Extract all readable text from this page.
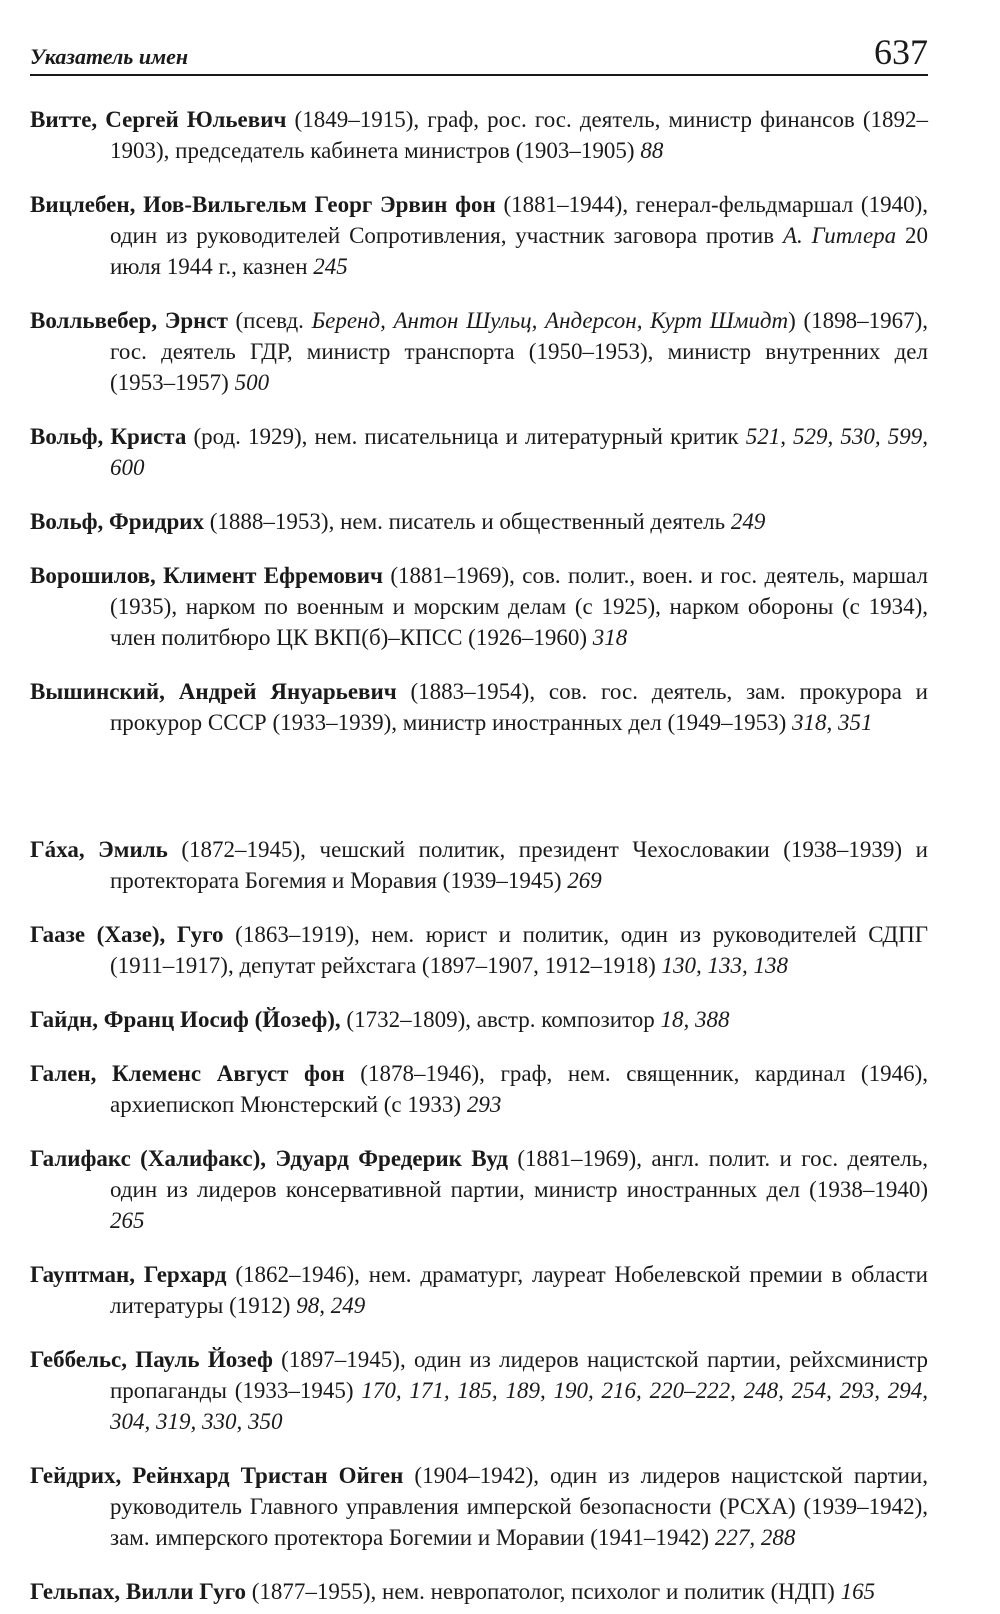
Указатель имен	637

Витте, Сергей Юльевич (1849–1915), граф, рос. гос. деятель, министр финансов (1892–1903), председатель кабинета министров (1903–1905) 88

Вицлебен, Иов-Вильгельм Георг Эрвин фон (1881–1944), генерал-фельдмаршал (1940), один из руководителей Сопротивления, участник заговора против А. Гитлера 20 июля 1944 г., казнен 245

Волльвебер, Эрнст (псевд. Беренд, Антон Шульц, Андерсон, Курт Шмидт) (1898–1967), гос. деятель ГДР, министр транспорта (1950–1953), министр внутренних дел (1953–1957) 500

Вольф, Криста (род. 1929), нем. писательница и литературный критик 521, 529, 530, 599, 600

Вольф, Фридрих (1888–1953), нем. писатель и общественный деятель 249

Ворошилов, Климент Ефремович (1881–1969), сов. полит., воен. и гос. деятель, маршал (1935), нарком по военным и морским делам (с 1925), нарком обороны (с 1934), член политбюро ЦК ВКП(б)–КПСС (1926–1960) 318

Вышинский, Андрей Януарьевич (1883–1954), сов. гос. деятель, зам. прокурора и прокурор СССР (1933–1939), министр иностранных дел (1949–1953) 318, 351

Гáха, Эмиль (1872–1945), чешский политик, президент Чехословакии (1938–1939) и протектората Богемия и Моравия (1939–1945) 269

Гаазе (Хазе), Гуго (1863–1919), нем. юрист и политик, один из руководителей СДПГ (1911–1917), депутат рейхстага (1897–1907, 1912–1918) 130, 133, 138

Гайдн, Франц Иосиф (Йозеф), (1732–1809), австр. композитор 18, 388

Гален, Клеменс Август фон (1878–1946), граф, нем. священник, кардинал (1946), архиепископ Мюнстерский (с 1933) 293

Галифакс (Халифакс), Эдуард Фредерик Вуд (1881–1969), англ. полит. и гос. деятель, один из лидеров консервативной партии, министр иностранных дел (1938–1940) 265

Гауптман, Герхард (1862–1946), нем. драматург, лауреат Нобелевской премии в области литературы (1912) 98, 249

Геббельс, Пауль Йозеф (1897–1945), один из лидеров нацистской партии, рейхсминистр пропаганды (1933–1945) 170, 171, 185, 189, 190, 216, 220–222, 248, 254, 293, 294, 304, 319, 330, 350

Гейдрих, Рейнхард Тристан Ойген (1904–1942), один из лидеров нацистской партии, руководитель Главного управления имперской безопасности (РСХА) (1939–1942), зам. имперского протектора Богемии и Моравии (1941–1942) 227, 288

Гельпах, Вилли Гуго (1877–1955), нем. невропатолог, психолог и политик (НДП) 165
